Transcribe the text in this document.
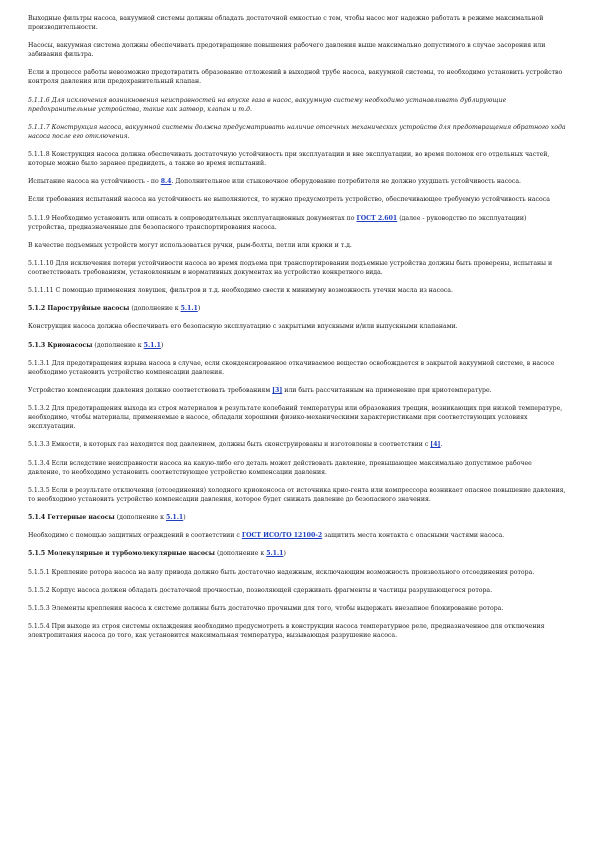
Выходные фильтры насоса, вакуумной системы должны обладать достаточной емкостью с тем, чтобы насос мог надежно работать в режиме максимальной производительности.

Насосы, вакуумная система должны обеспечивать предотвращение повышения рабочего давления выше максимально допустимого в случае засорения или забивания фильтра.

Если в процессе работы невозможно предотвратить образование отложений в выходной трубе насоса, вакуумной системы, то необходимо установить устройство контроля давления или предохранительный клапан.

5.1.1.6 Для исключения возникновения неисправностей на впуске газа в насос, вакуумную систему необходимо устанавливать дублирующие предохранительные устройства, такие как затвор, клапан и т.д.

5.1.1.7 Конструкция насоса, вакуумной системы должна предусматривать наличие отсечных механических устройств для предотвращения обратного хода насоса после его отключения.

5.1.1.8 Конструкция насоса должна обеспечивать достаточную устойчивость при эксплуатации и вне эксплуатации, во время поломок его отдельных частей, которые можно было заранее предвидеть, а также во время испытаний.

Испытание насоса на устойчивость - по 8.4. Дополнительное или стыковочное оборудование потребителя не должно ухудшать устойчивость насоса.

Если требования испытаний насоса на устойчивость не выполняются, то нужно предусмотреть устройство, обеспечивающее требуемую устойчивость насоса

5.1.1.9 Необходимо установить или описать в сопроводительных эксплуатационных документах по ГОСТ 2.601 (далее - руководство по эксплуатации) устройства, предназначенные для безопасного транспортирования насоса.

В качестве подъемных устройств могут использоваться ручки, рым-болты, петли или крюки и т.д.

5.1.1.10 Для исключения потери устойчивости насоса во время подъема при транспортировании подъемные устройства должны быть проверены, испытаны и соответствовать требованиям, установленным в нормативных документах на устройство конкретного вида.

5.1.1.11 С помощью применения ловушек, фильтров и т.д. необходимо свести к минимуму возможность утечки масла из насоса.

5.1.2 Пароструйные насосы (дополнение к 5.1.1)

Конструкция насоса должна обеспечивать его безопасную эксплуатацию с закрытыми впускными и/или выпускными клапанами.

5.1.3 Крионасосы (дополнение к 5.1.1)

5.1.3.1 Для предотвращения взрыва насоса в случае, если сконденсированное откачиваемое вещество освобождается в закрытой вакуумной системе, в насосе необходимо установить устройство компенсации давления.

Устройство компенсации давления должно соответствовать требованиям [3] или быть рассчитанным на применение при криотемпературе.

5.1.3.2 Для предотвращения выхода из строя материалов в результате колебаний температуры или образования трещин, возникающих при низкой температуре, необходимо, чтобы материалы, применяемые в насосе, обладали хорошими физико-механическими характеристиками при соответствующих условиях эксплуатации.

5.1.3.3 Емкости, в которых газ находится под давлением, должны быть сконструированы и изготовлены в соответствии с [4].

5.1.3.4 Если вследствие неисправности насоса на какую-либо его деталь может действовать давление, превышающее максимально допустимое рабочее давление, то необходимо установить соответствующее устройство компенсации давления.

5.1.3.5 Если в результате отключения (отсоединения) холодного криоконсоса от источника крио-гента или компрессора возникает опасное повышение давления, то необходимо установить устройство компенсации давления, которое будет снижать давление до безопасного значения.

5.1.4 Геттерные насосы (дополнение к 5.1.1)

Необходимо с помощью защитных ограждений в соответствии с ГОСТ ИСО/ТО 12100-2 защитить места контакта с опасными частями насоса.

5.1.5 Молекулярные и турбомолекулярные насосы (дополнение к 5.1.1)

5.1.5.1 Крепление ротора насоса на валу привода должно быть достаточно надежным, исключающим возможность произвольного отсоединения ротора.

5.1.5.2 Корпус насоса должен обладать достаточной прочностью, позволяющей сдерживать фрагменты и частицы разрушающегося ротора.

5.1.5.3 Элементы крепления насоса к системе должны быть достаточно прочными для того, чтобы выдержать внезапное блокирование ротора.

5.1.5.4 При выходе из строя системы охлаждения необходимо предусмотреть в конструкции насоса температурное реле, предназначенное для отключения электропитания насоса до того, как установится максимальная температура, вызывающая разрушение насоса.
